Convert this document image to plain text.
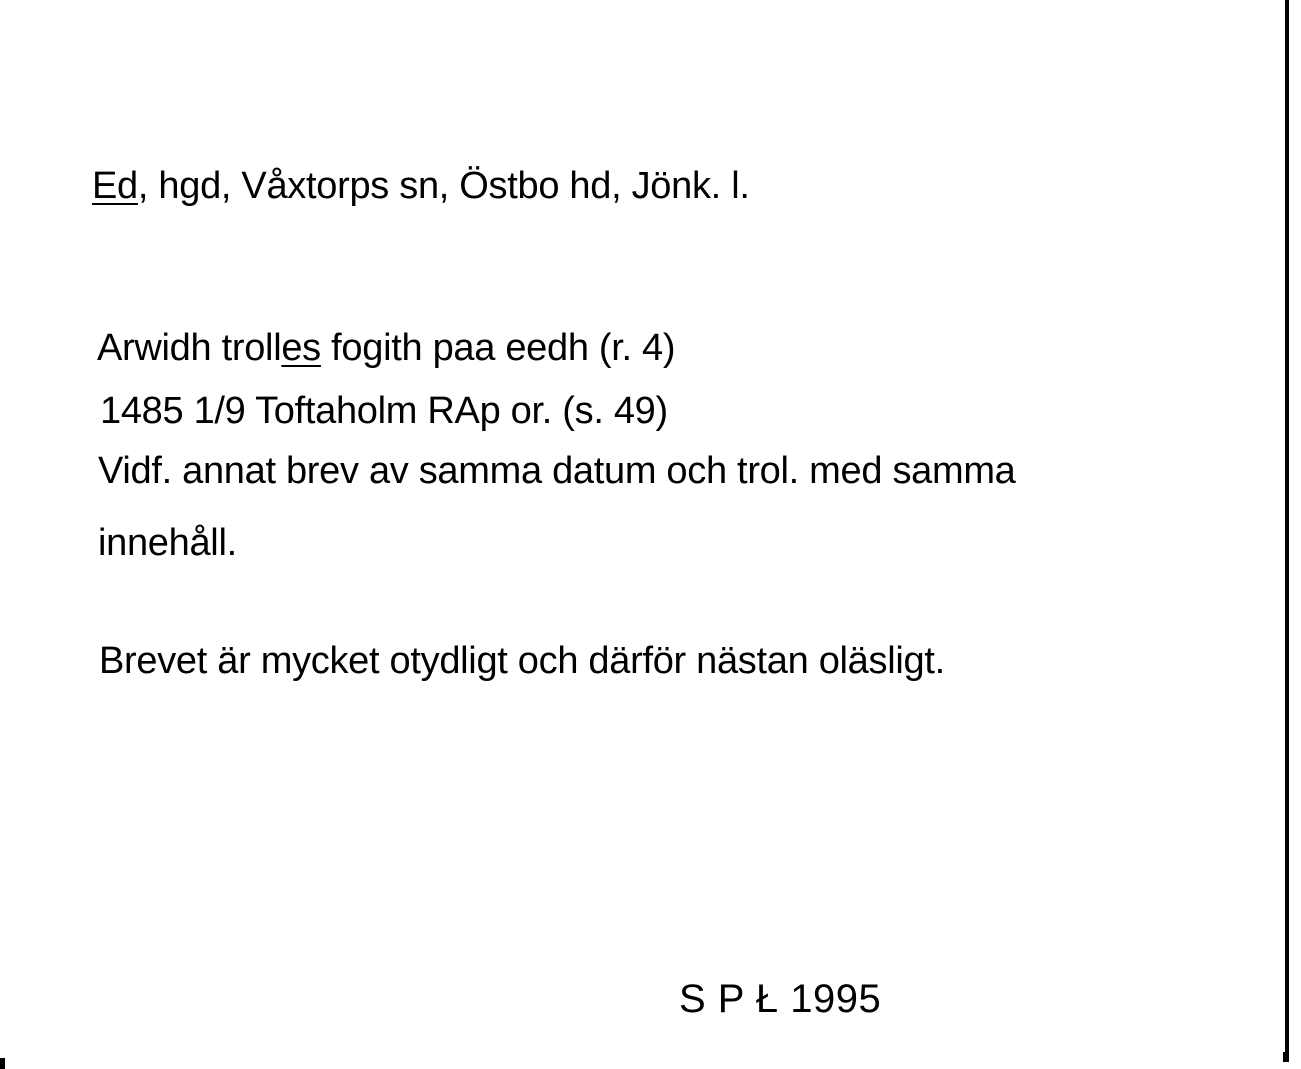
Ed, hgd, Våxtorps sn, Östbo hd, Jönk. l.
Arwidh trolles fogith paa eedh (r. 4)
1485 1/9 Toftaholm RAp or. (s. 49)
Vidf. annat brev av samma datum och trol. med samma
innehåll.
Brevet är mycket otydligt och därför nästan oläsligt.
S P Ł 1995
